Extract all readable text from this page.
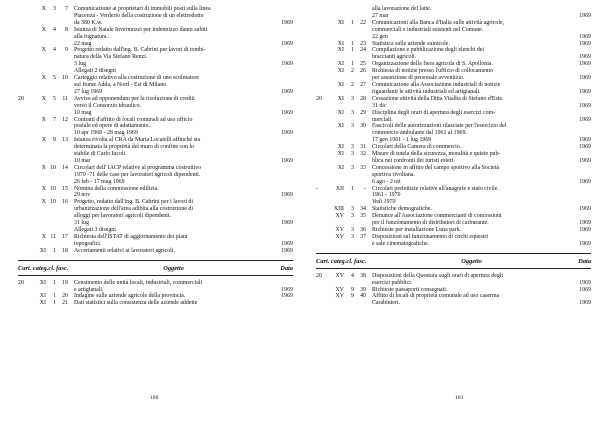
X	3	7 Comunicazione ai proprietari di immobili posti sulla linea
Piacenza - Verderio della costruzione di un elettrodotto
da 380 K.w.	1969
X	4	8 Istanza di Natale Inverninzzi per indennizzo danni subiti
alla fognatura.
22 mag	1969
X	4	9 Progetto redatto dall'ing. B. Cabrini per lavori di tombi-
natura della Via Stefano Renzi.
3 lug	1969
Allegati 2 disegni
X	5	10 Carteggio relativo alla costruzione di uno scolmatore
sul fiume Adda, a Nord - Est di Milano.
27 lug 1969	1969
20	X	5	11 Avviso ad opponendum per la risoluzione di crediti
verso il Consorzio idraulico.
10 mag	1969
X	7	12 Contratti d'affitto di locali comunali ad uso ufficio
postale ed opere di adattamento.
10 apr 1968 - 28 mag 1969	1969
X	9	13 Istanza rivolta al CRA da Maria Locatelli affinché sia
determinata la proprietà del muro di confine con lo
stabile di Carlo Iucoli.
10 mar	1969
X 10	14 Circolari dell' IACP relative al programma costruttivo
1970 -71 delle case per lavoratori agricoli dipendenti.
26 feb - 17 mag 1969
X 10	15 Nomina della commissione edilizia.
29 nov	1969
X 10	16 Progetto, redatto dall'ing. B. Cabrini per i lavori di
urbanizzazione dell'area adibita alla costruzione di
alloggi per lavoratori agricoli dipendenti.
31 lug	1969
Allegati 3 disegni.
X 11	17 Richiesta dell'ISTAT di aggiornamento dei piani
topografici.	1969
XI	1	18 Accertamenti relativi ai lavoratori agricoli.	1969
Cart. categ.cl. fasc.	Oggetto	Data
20	XI	1	19 Censimento delle unità locali, industriali, commerciali
e artigianali.	1969
XI	1	20 Indagine sulle aziende agricole della provincia.	1969
XI	1	21 Dati statistici sulla consistenza delle aziende addette
100
alla lavorazione del latte.
27 mar	1969
XI	1	22 Comunicazioni alla Banca d'Italia sulle attività agricole,
commerciali e industriali esistenti nel Comune.
22 gen	1969
XI	1	23 Statistica sulle aziende suinicole.	1969
XI	1	24 Compilazione e pubblicazione degli elenchi dei
braccianti agricoli.	1969
XI	1	25 Organizzazione della fiera agricola di S. Apollonia.	1969
XI	2	26 Richiesta di notizie presso l'ufficio di collocamento
per assunzione di personale avventizio.	1969
XI	2	27 Comunicazione alla Associazione industriali di notizie
riguardanti le attività industriali ed artigianali.	1969
20	XI	3	28 Cessazione attività della Ditta Vitalba di Stefano d'Este.
31 dic	1969
XI	3	29 Disciplina degli orari di apertura degli esercizi com-
merciali.	1969
XI	3	30 Fascicoli delle autorizzazioni rilasciate per l'esercizio del
commercio ambulante dal 1961 al 1969.
17 gen 1961 - 1 lug 1969	1969
XI	3	31 Circolari della Camera di commercio.	1969
XI	3	32 Misure di tutela della sicurezza, moralità e quiete pub-
blica nei confronti dei turisti esteri.	1969
XI	3	33 Concessione in affitto del campo sportivo alla Società
sportiva rivoltana.
6 ago - 2 ott	1969
-	XII	1	- Circolari prefettizie relative all'anagrafe e stato civile.
1961 - 1970
Vedi 1970
XIII	3	34 Statistiche demografiche.	1969
XV	3	35 Denunce all'Associazione commercianti di concessioni
per il funzionamento di distributori di carburante.	1969
XV	3	36 Richieste per installazione Luna park.	1969
XV	3	37 Disposizioni sul funzionamento di circhi equestri
e sale cinematografiche.	1969
Cart. categ.cl. fasc.	Oggetto	Data
20	XV	4	38 Disposizioni della Questura sugli orari di apertura degli
esercizi pubblici.	1969
XV	9	39 Richieste passaporti consegnati.	1969
XV	9	40 Affitto di locali di proprietà comunale ad uso caserma
Carabinieri.	1969
101
